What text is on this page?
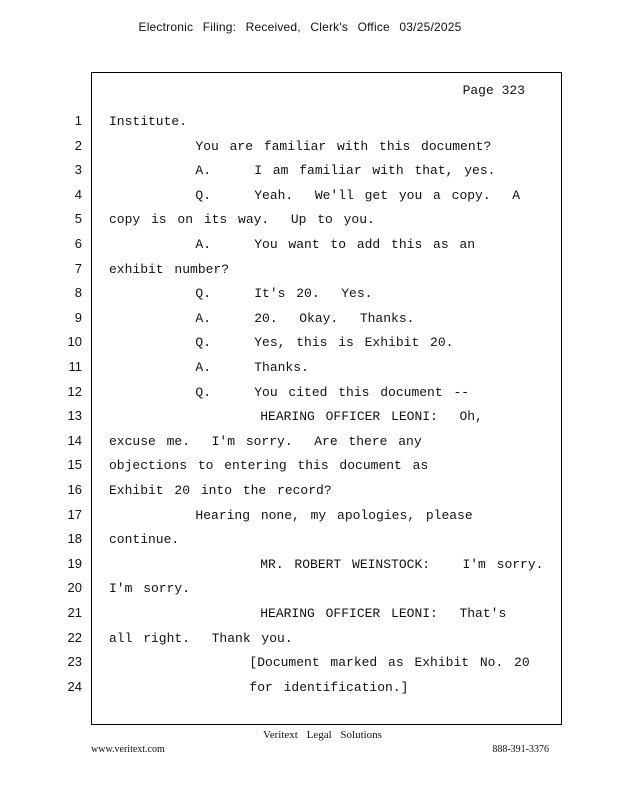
Electronic Filing: Received, Clerk's Office 03/25/2025
1
2
3
4
5
6
7
8
9
10
11
12
13
14
15
16
17
18
19
20
21
22
23
24
Page 323
Institute.
You are familiar with this document?
A.    I am familiar with that, yes.
Q.    Yeah.  We'll get you a copy.  A
copy is on its way.  Up to you.
A.    You want to add this as an
exhibit number?
Q.    It's 20.  Yes.
A.    20.  Okay.  Thanks.
Q.    Yes, this is Exhibit 20.
A.    Thanks.
Q.    You cited this document --
HEARING OFFICER LEONI:  Oh,
excuse me.  I'm sorry.  Are there any
objections to entering this document as
Exhibit 20 into the record?
Hearing none, my apologies, please
continue.
MR. ROBERT WEINSTOCK:   I'm sorry.
I'm sorry.
HEARING OFFICER LEONI:  That's
all right.  Thank you.
[Document marked as Exhibit No. 20
for identification.]
Veritext Legal Solutions
www.veritext.com	888-391-3376
